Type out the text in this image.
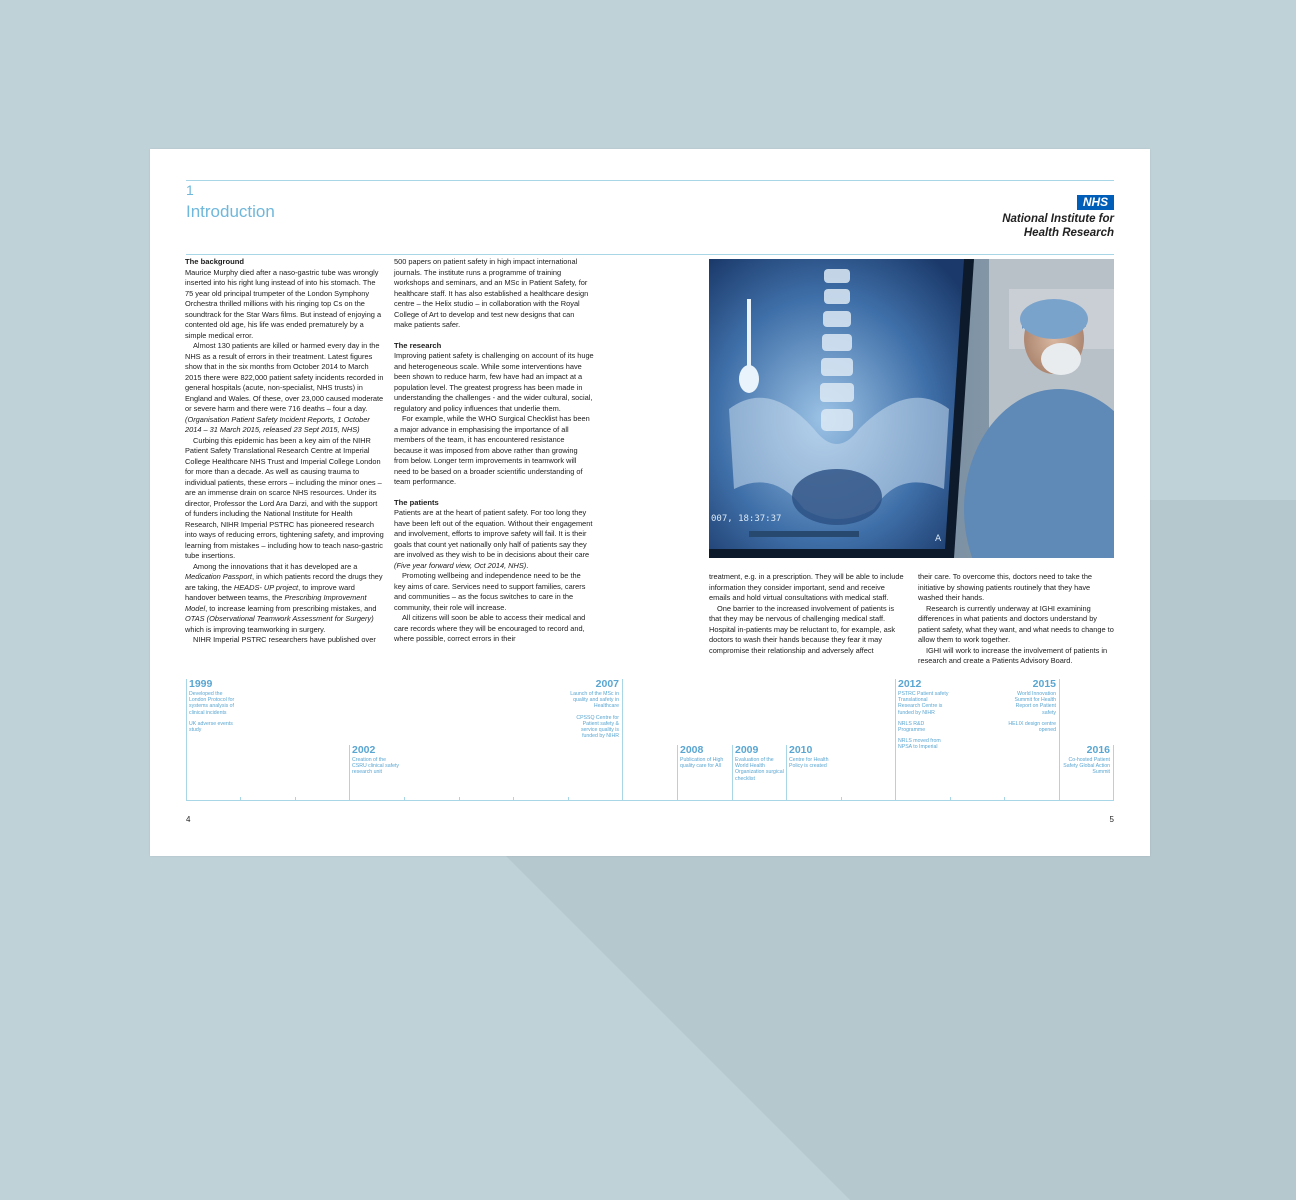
1
Introduction	NHS
National Institute for
Health Research
The background

Maurice Murphy died after a naso-gastric tube was wrongly inserted into his right lung instead of into his stomach. The 75 year old principal trumpeter of the London Symphony Orchestra thrilled millions with his ringing top Cs on the soundtrack for the Star Wars films. But instead of enjoying a contented old age, his life was ended prematurely by a simple medical error.

Almost 130 patients are killed or harmed every day in the NHS as a result of errors in their treatment. Latest figures show that in the six months from October 2014 to March 2015 there were 822,000 patient safety incidents recorded in general hospitals (acute, non-specialist, NHS trusts) in England and Wales. Of these, over 23,000 caused moderate or severe harm and there were 716 deaths – four a day. (Organisation Patient Safety Incident Reports, 1 October 2014 – 31 March 2015, released 23 Sept 2015, NHS)

Curbing this epidemic has been a key aim of the NIHR Patient Safety Translational Research Centre at Imperial College Healthcare NHS Trust and Imperial College London for more than a decade. As well as causing trauma to individual patients, these errors – including the minor ones – are an immense drain on scarce NHS resources. Under its director, Professor the Lord Ara Darzi, and with the support of funders including the National Institute for Health Research, NIHR Imperial PSTRC has pioneered research into ways of reducing errors, tightening safety, and improving learning from mistakes – including how to teach naso-gastric tube insertions.

Among the innovations that it has developed are a Medication Passport, in which patients record the drugs they are taking, the HEADS- UP project, to improve ward handover between teams, the Prescribing Improvement Model, to increase learning from prescribing mistakes, and OTAS (Observational Teamwork Assessment for Surgery) which is improving teamworking in surgery.

NIHR Imperial PSTRC researchers have published over

500 papers on patient safety in high impact international journals. The institute runs a programme of training workshops and seminars, and an MSc in Patient Safety, for healthcare staff. It has also established a healthcare design centre – the Helix studio – in collaboration with the Royal College of Art to develop and test new designs that can make patients safer.

The research

Improving patient safety is challenging on account of its huge and heterogeneous scale. While some interventions have been shown to reduce harm, few have had an impact at a population level. The greatest progress has been made in understanding the challenges - and the wider cultural, social, regulatory and policy influences that underlie them.

For example, while the WHO Surgical Checklist has been a major advance in emphasising the importance of all members of the team, it has encountered resistance because it was imposed from above rather than growing from below. Longer term improvements in teamwork will need to be based on a broader scientific understanding of team performance.

The patients

Patients are at the heart of patient safety. For too long they have been left out of the equation. Without their engagement and involvement, efforts to improve safety will fail. It is their goals that count yet nationally only half of patients say they are involved as they wish to be in decisions about their care (Five year forward view, Oct 2014, NHS).

Promoting wellbeing and independence need to be the key aims of care. Services need to support families, carers and communities – as the focus switches to care in the community, their role will increase.

All citizens will soon be able to access their medical and care records where they will be encouraged to record and, where possible, correct errors in their

007, 18:37:37
A

treatment, e.g. in a prescription. They will be able to include information they consider important, send and receive emails and hold virtual consultations with medical staff.

One barrier to the increased involvement of patients is that they may be nervous of challenging medical staff. Hospital in-patients may be reluctant to, for example, ask doctors to wash their hands because they fear it may compromise their relationship and adversely affect

their care. To overcome this, doctors need to take the initiative by showing patients routinely that they have washed their hands.

Research is currently underway at IGHI examining differences in what patients and doctors understand by patient safety, what they want, and what needs to change to allow them to work together.

IGHI will work to increase the involvement of patients in research and create a Patients Advisory Board.

1999

Developed the London Protocol for systems analysis of clinical incidents

UK adverse events study

2002

Creation of the CSRU clinical safety research unit

2007

Launch of the MSc in quality and safety in Healthcare

CPSSQ Centre for Patient safety & service quality is funded by NIHR

2008

Publication of High quality care for All

2009

Evaluation of the World Health Organization surgical checklist

2010

Centre for Health Policy is created

2012

PSTRC Patient safety Translational Research Centre is funded by NIHR

NRLS R&D Programme

NRLS moved from NPSA to Imperial

2015

World Innovation Summit for Health Report on Patient safety

HELIX design centre opened

2016

Co-hosted Patient Safety Global Action Summit

4	5
